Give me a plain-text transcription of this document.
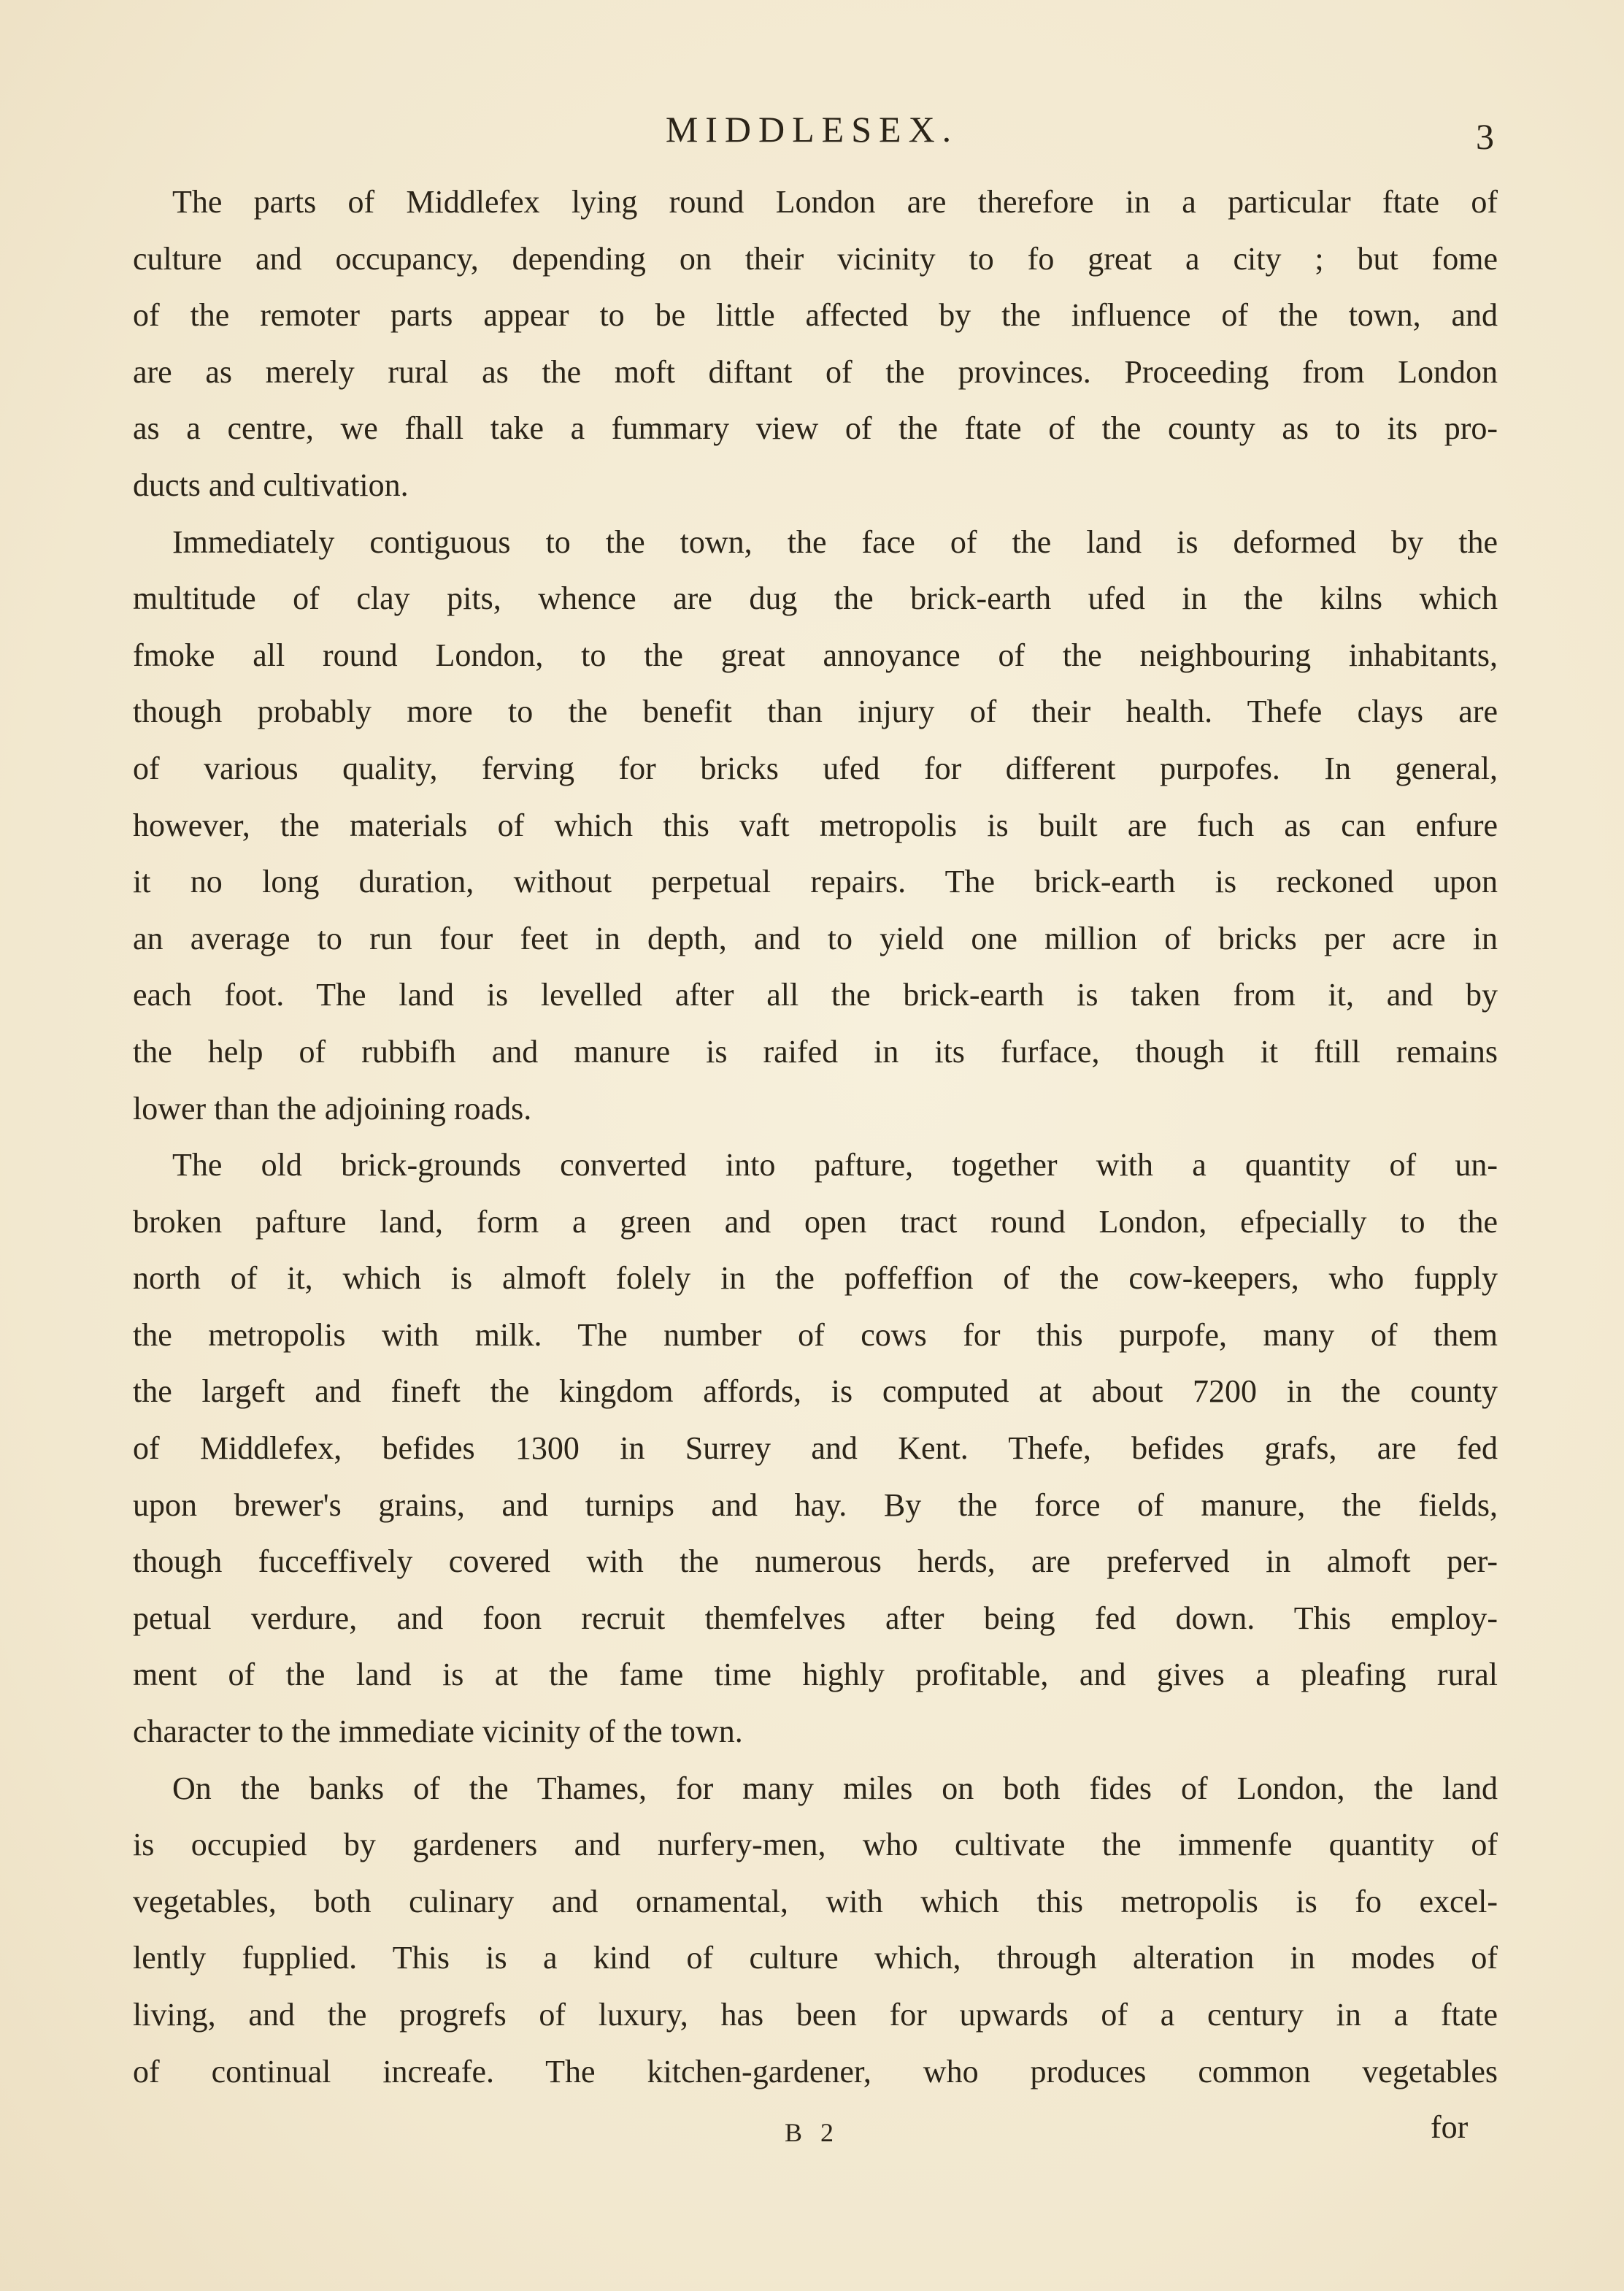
MIDDLESEX.	3
The parts of Middlefex lying round London are therefore in a particular ftate of
culture and occupancy, depending on their vicinity to fo great a city ; but fome
of the remoter parts appear to be little affected by the influence of the town, and
are as merely rural as the moft diftant of the provinces. Proceeding from London
as a centre, we fhall take a fummary view of the ftate of the county as to its pro-
ducts and cultivation.
Immediately contiguous to the town, the face of the land is deformed by the
multitude of clay pits, whence are dug the brick-earth ufed in the kilns which
fmoke all round London, to the great annoyance of the neighbouring inhabitants,
though probably more to the benefit than injury of their health. Thefe clays are
of various quality, ferving for bricks ufed for different purpofes. In general,
however, the materials of which this vaft metropolis is built are fuch as can enfure
it no long duration, without perpetual repairs. The brick-earth is reckoned upon
an average to run four feet in depth, and to yield one million of bricks per acre in
each foot. The land is levelled after all the brick-earth is taken from it, and by
the help of rubbifh and manure is raifed in its furface, though it ftill remains
lower than the adjoining roads.
The old brick-grounds converted into pafture, together with a quantity of un-
broken pafture land, form a green and open tract round London, efpecially to the
north of it, which is almoft folely in the poffeffion of the cow-keepers, who fupply
the metropolis with milk. The number of cows for this purpofe, many of them
the largeft and fineft the kingdom affords, is computed at about 7200 in the county
of Middlefex, befides 1300 in Surrey and Kent. Thefe, befides grafs, are fed
upon brewer's grains, and turnips and hay. By the force of manure, the fields,
though fucceffively covered with the numerous herds, are preferved in almoft per-
petual verdure, and foon recruit themfelves after being fed down. This employ-
ment of the land is at the fame time highly profitable, and gives a pleafing rural
character to the immediate vicinity of the town.
On the banks of the Thames, for many miles on both fides of London, the land
is occupied by gardeners and nurfery-men, who cultivate the immenfe quantity of
vegetables, both culinary and ornamental, with which this metropolis is fo excel-
lently fupplied. This is a kind of culture which, through alteration in modes of
living, and the progrefs of luxury, has been for upwards of a century in a ftate
of continual increafe. The kitchen-gardener, who produces common vegetables
B 2	for
